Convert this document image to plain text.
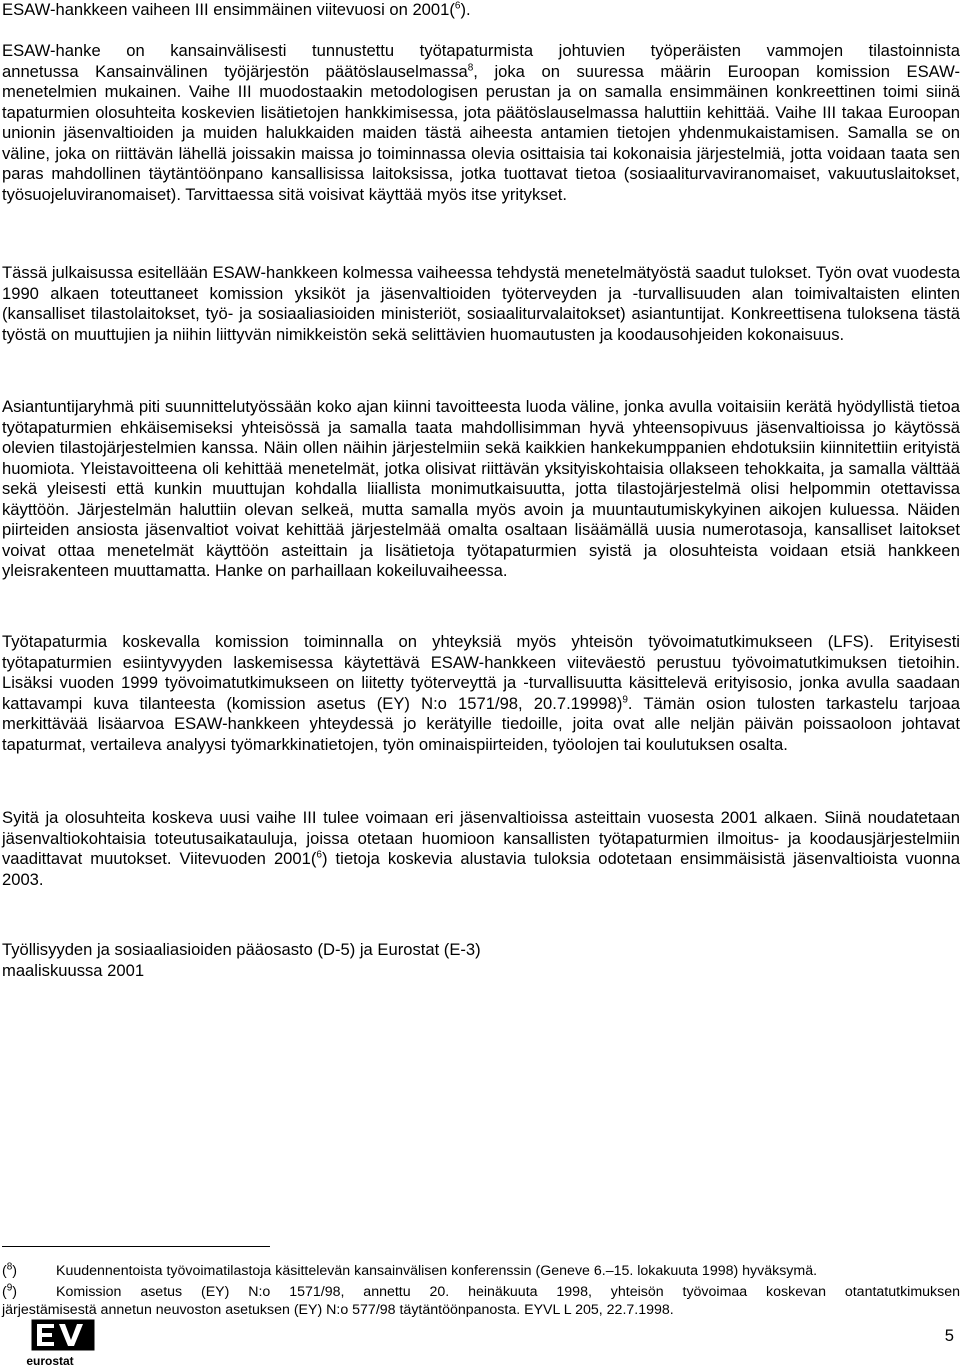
ESAW-hankkeen vaiheen III ensimmäinen viitevuosi on 2001($^6$).

ESAW-hanke on kansainvälisesti tunnustettu työtapaturmista johtuvien työperäisten vammojen tilastoinnista
annetussa Kansainvälinen työjärjestön päätöslauselmassa$^8$, joka on suuressa määrin Euroopan komission ESAW-
menetelmien mukainen. Vaihe III muodostaakin metodologisen perustan ja on samalla ensimmäinen konkreettinen toimi siinä tapaturmien olosuhteita koskevien lisätietojen hankkimisessa, jota päätöslauselmassa haluttiin kehittää. Vaihe III takaa Euroopan unionin jäsenvaltioiden ja muiden halukkaiden maiden tästä aiheesta antamien tietojen yhdenmukaistamisen. Samalla se on väline, joka on riittävän lähellä joissakin maissa jo toiminnassa olevia osittaisia tai kokonaisia järjestelmiä, jotta voidaan taata sen paras mahdollinen täytäntöönpano kansallisissa laitoksissa, jotka tuottavat tietoa (sosiaaliturvaviranomaiset, vakuutuslaitokset, työsuojeluviranomaiset). Tarvittaessa sitä voisivat käyttää myös itse yritykset.

Tässä julkaisussa esitellään ESAW-hankkeen kolmessa vaiheessa tehdystä menetelmätyöstä saadut tulokset. Työn ovat vuodesta 1990 alkaen toteuttaneet komission yksiköt ja jäsenvaltioiden työterveyden ja -turvallisuuden alan toimivaltaisten elinten (kansalliset tilastolaitokset, työ- ja sosiaaliasioiden ministeriöt, sosiaaliturvalaitokset) asiantuntijat. Konkreettisena tuloksena tästä työstä on muuttujien ja niihin liittyvän nimikkeistön sekä selittävien huomautusten ja koodausohjeiden kokonaisuus.

Asiantuntijaryhmä piti suunnittelutyössään koko ajan kiinni tavoitteesta luoda väline, jonka avulla voitaisiin kerätä hyödyllistä tietoa työtapaturmien ehkäisemiseksi yhteisössä ja samalla taata mahdollisimman hyvä yhteensopivuus jäsenvaltioissa jo käytössä olevien tilastojärjestelmien kanssa. Näin ollen näihin järjestelmiin sekä kaikkien hankekumppanien ehdotuksiin kiinnitettiin erityistä huomiota. Yleistavoitteena oli kehittää menetelmät, jotka olisivat riittävän yksityiskohtaisia ollakseen tehokkaita, ja samalla välttää sekä yleisesti että kunkin muuttujan kohdalla liiallista monimutkaisuutta, jotta tilastojärjestelmä olisi helpommin otettavissa käyttöön. Järjestelmän haluttiin olevan selkeä, mutta samalla myös avoin ja muuntautumiskykyinen aikojen kuluessa. Näiden piirteiden ansiosta jäsenvaltiot voivat kehittää järjestelmää omalta osaltaan lisäämällä uusia numerotasoja, kansalliset laitokset voivat ottaa menetelmät käyttöön asteittain ja lisätietoja työtapaturmien syistä ja olosuhteista voidaan etsiä hankkeen yleisrakenteen muuttamatta. Hanke on parhaillaan kokeiluvaiheessa.

Työtapaturmia koskevalla komission toiminnalla on yhteyksiä myös yhteisön työvoimatutkimukseen (LFS). Erityisesti työtapaturmien esiintyvyyden laskemisessa käytettävä ESAW-hankkeen viiteväestö perustuu työvoimatutkimuksen tietoihin. Lisäksi vuoden 1999 työvoimatutkimukseen on liitetty työterveyttä ja -turvallisuutta käsittelevä erityisosio, jonka avulla saadaan kattavampi kuva tilanteesta (komission asetus (EY) N:o 1571/98, 20.7.19998)$^9$. Tämän osion tulosten tarkastelu tarjoaa merkittävää lisäarvoa ESAW-hankkeen yhteydessä jo kerätyille tiedoille, joita ovat alle neljän päivän poissaoloon johtavat tapaturmat, vertaileva analyysi työmarkkinatietojen, työn ominaispiirteiden, työolojen tai koulutuksen osalta.

Syitä ja olosuhteita koskeva uusi vaihe III tulee voimaan eri jäsenvaltioissa asteittain vuosesta 2001 alkaen. Siinä noudatetaan jäsenvaltiokohtaisia toteutusaikatauluja, joissa otetaan huomioon kansallisten työtapaturmien ilmoitus- ja koodausjärjestelmiin vaadittavat muutokset. Viitevuoden 2001($^6$) tietoja koskevia alustavia tuloksia odotetaan ensimmäisistä jäsenvaltioista vuonna 2003.

Työllisyyden ja sosiaaliasioiden pääosasto (D-5) ja Eurostat (E-3)
maaliskuussa 2001
($^8$)	Kuudennentoista työvoimatilastoja käsittelevän kansainvälisen konferenssin (Geneve 6.–15. lokakuuta 1998) hyväksymä.
($^9$)	Komission asetus (EY) N:o 1571/98, annettu 20. heinäkuuta 1998, yhteisön työvoimaa koskevan otantatutkimuksen
järjestämisestä annetun neuvoston asetuksen (EY) N:o 577/98 täytäntöönpanosta. EYVL L 205, 22.7.1998.
eurostat

5
